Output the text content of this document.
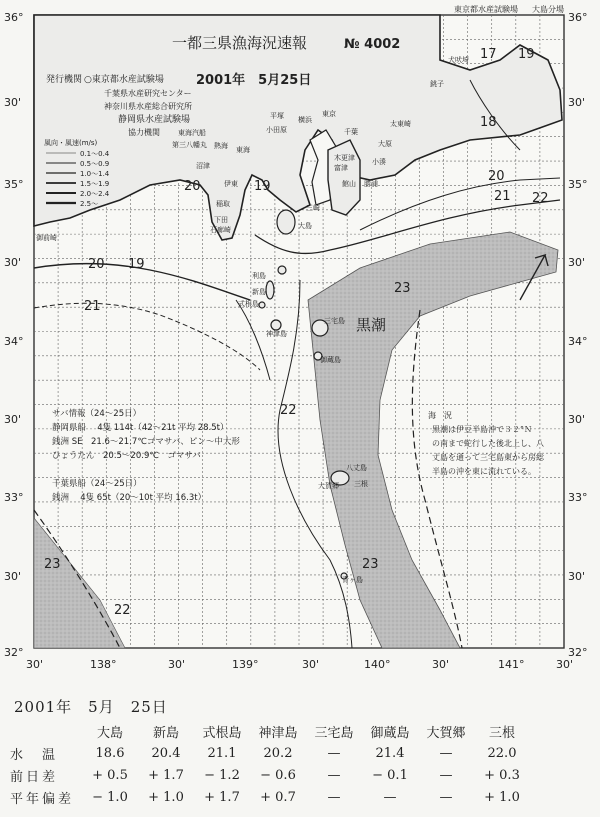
36°
30'
35°
30'
34°
30'
33°
30'
32°
36°
30'
35°
30'
34°
30'
33°
30'
32°
30'	138°	30'	139°	30'	140°	30'	141°	30'
東京都水産試験場 大島分場
一都三県漁海況速報	№ 4002
発行機関 ○東京都水産試験場 2001年　5月25日
千葉県水産研究センター
神奈川県水産総合研究所
静岡県水産試験場
協力機関	東海汽船
第三八幡丸
風向・風速(m/s)
0.1〜0.4
0.5〜0.9
1.0〜1.4
1.5〜1.9
2.0〜2.4
2.5〜
平塚 横浜
東京
千葉
木更津
富津
館山 勝浦
太東崎
犬吠埼
銚子
大原
小湊
小田原
熱海 東海
伊東
稲取
下田
石廊崎
沼津
御前崎
大島
利島
新島
式根島
神津島
三宅島
御蔵島
八丈島
青ヶ島
大賀郷 三根
三崎
17 19
18
20
21 22
20	19
20 19
23
21
22
23
23
22
黒潮
サバ情報（24〜25日）
静岡県船　 4隻 114t（42〜21t 平均 28.5t）
銭洲 SE　21.6〜21.7℃ゴマサバ、ピン〜中大形
ひょうたん　20.5〜20.9℃　ゴマサバ
千葉県船（24〜25日）
銭洲　 4隻 65t（20〜10t 平均 16.3t）
海　況
黒潮は伊豆半島沖で３２°Ｎ
の南まで蛇行した後北上し、八
丈島を通って三宅島東から房総
半島の沖を東に流れている。
2001年　5月　25日
	大島	新島	式根島	神津島	三宅島	御蔵島	大賀郷	三根
水　温	18.6	20.4	21.1	20.2	—	21.4	—	22.0
前日差	+ 0.5	+ 1.7	− 1.2	− 0.6	—	− 0.1	—	+ 0.3
平年偏差	− 1.0	+ 1.0	+ 1.7	+ 0.7	—	—	—	+ 1.0
